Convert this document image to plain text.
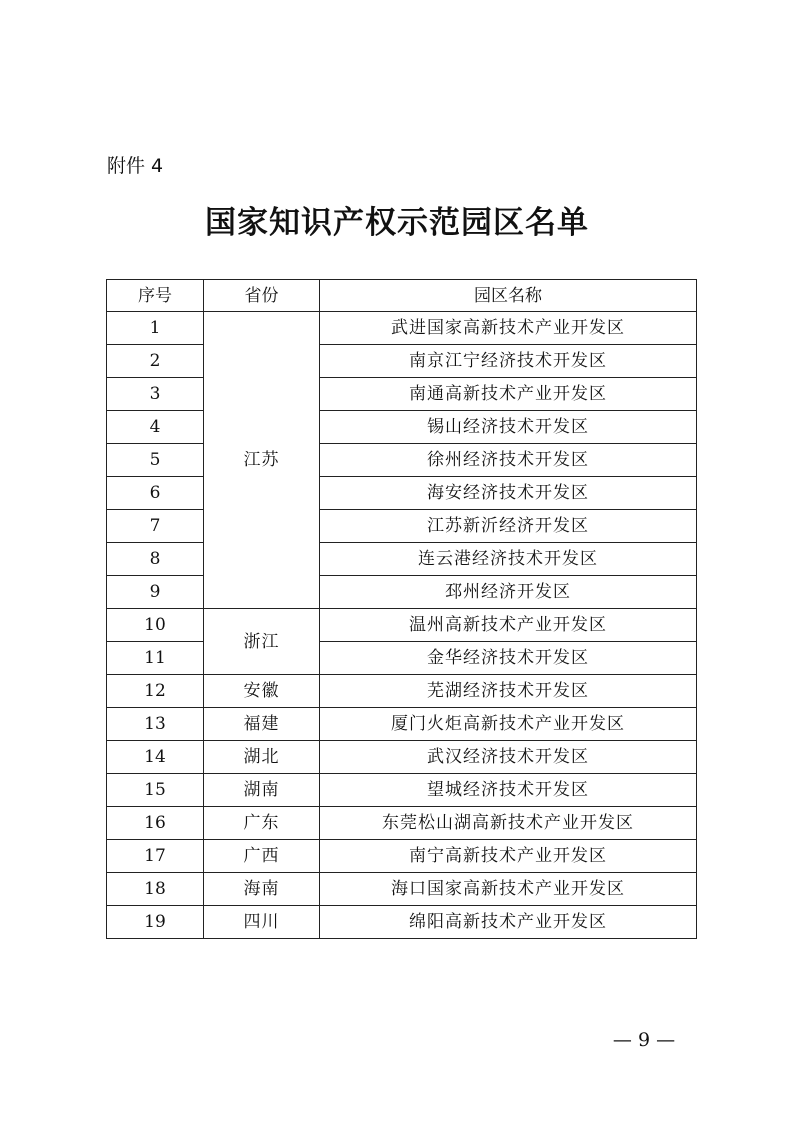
附件 4
国家知识产权示范园区名单
序号	省份	园区名称
1	江苏	武进国家高新技术产业开发区
2		南京江宁经济技术开发区
3		南通高新技术产业开发区
4		锡山经济技术开发区
5		徐州经济技术开发区
6		海安经济技术开发区
7		江苏新沂经济开发区
8		连云港经济技术开发区
9		邳州经济开发区
10	浙江	温州高新技术产业开发区
11		金华经济技术开发区
12	安徽	芜湖经济技术开发区
13	福建	厦门火炬高新技术产业开发区
14	湖北	武汉经济技术开发区
15	湖南	望城经济技术开发区
16	广东	东莞松山湖高新技术产业开发区
17	广西	南宁高新技术产业开发区
18	海南	海口国家高新技术产业开发区
19	四川	绵阳高新技术产业开发区
— 9 —
